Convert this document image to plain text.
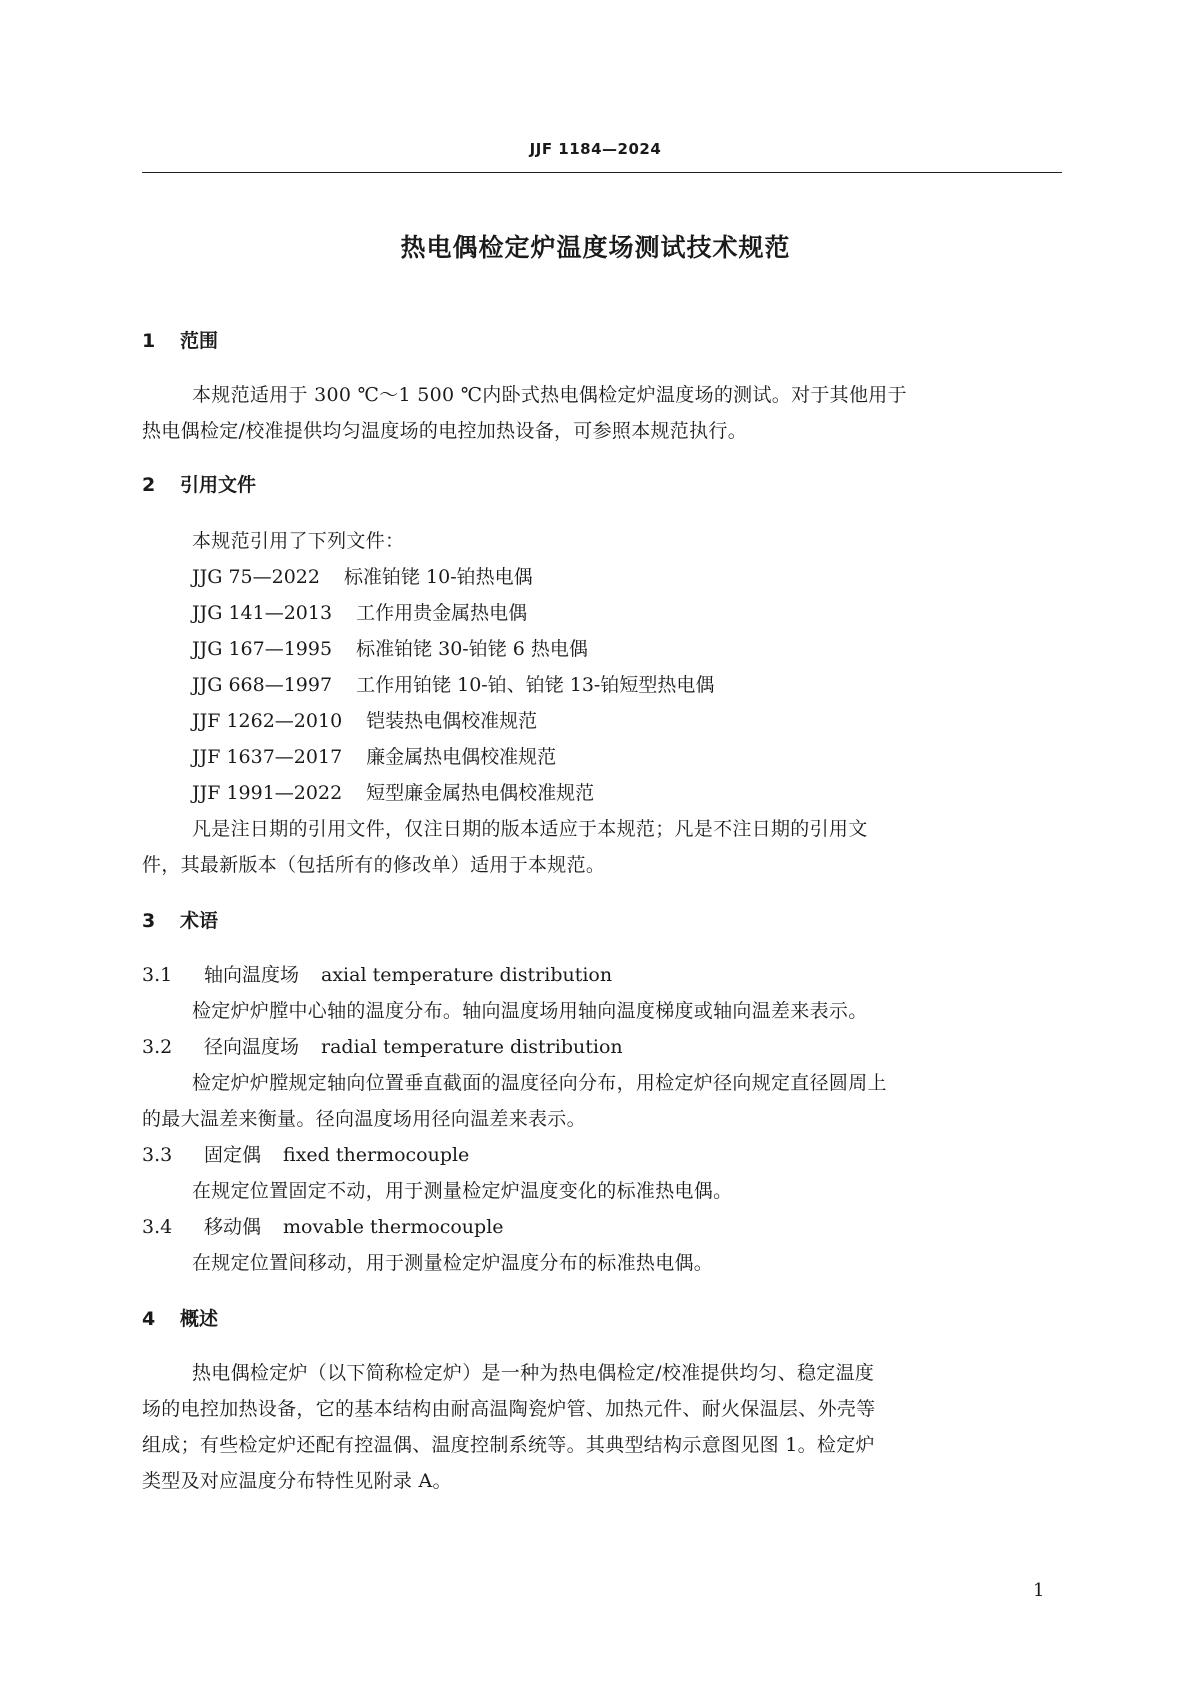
JJF 1184—2024
热电偶检定炉温度场测试技术规范
1 范围
本规范适用于 300 ℃～1 500 ℃内卧式热电偶检定炉温度场的测试。对于其他用于
热电偶检定/校准提供均匀温度场的电控加热设备，可参照本规范执行。
2 引用文件
本规范引用了下列文件：
JJG 75—2022 标准铂铑 10-铂热电偶
JJG 141—2013 工作用贵金属热电偶
JJG 167—1995 标准铂铑 30-铂铑 6 热电偶
JJG 668—1997 工作用铂铑 10-铂、铂铑 13-铂短型热电偶
JJF 1262—2010 铠装热电偶校准规范
JJF 1637—2017 廉金属热电偶校准规范
JJF 1991—2022 短型廉金属热电偶校准规范
凡是注日期的引用文件，仅注日期的版本适应于本规范；凡是不注日期的引用文
件，其最新版本（包括所有的修改单）适用于本规范。
3 术语
3.1 轴向温度场 axial temperature distribution
检定炉炉膛中心轴的温度分布。轴向温度场用轴向温度梯度或轴向温差来表示。
3.2 径向温度场 radial temperature distribution
检定炉炉膛规定轴向位置垂直截面的温度径向分布，用检定炉径向规定直径圆周上
的最大温差来衡量。径向温度场用径向温差来表示。
3.3 固定偶 fixed thermocouple
在规定位置固定不动，用于测量检定炉温度变化的标准热电偶。
3.4 移动偶 movable thermocouple
在规定位置间移动，用于测量检定炉温度分布的标准热电偶。
4 概述
热电偶检定炉（以下简称检定炉）是一种为热电偶检定/校准提供均匀、稳定温度
场的电控加热设备，它的基本结构由耐高温陶瓷炉管、加热元件、耐火保温层、外壳等
组成；有些检定炉还配有控温偶、温度控制系统等。其典型结构示意图见图 1。检定炉
类型及对应温度分布特性见附录 A。
1
